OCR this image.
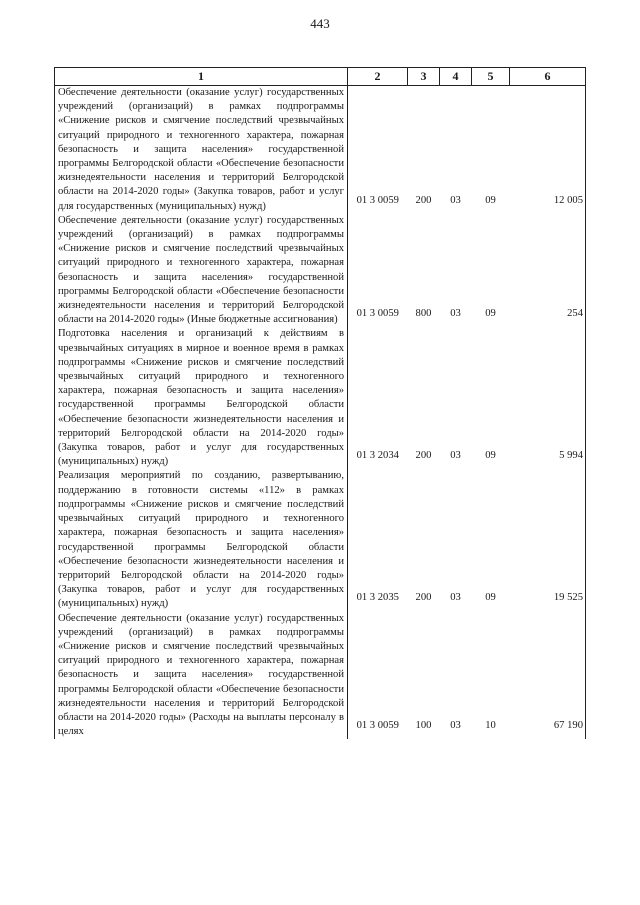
443
1	2	3	4	5	6

Обеспечение деятельности (оказание услуг) государственных учреждений (организаций) в рамках подпрограммы «Снижение рисков и смягчение последствий чрезвычайных ситуаций природного и техногенного характера, пожарная безопасность и защита населения» государственной программы Белгородской области «Обеспечение безопасности жизнедеятельности населения и территорий Белгородской области на 2014-2020 годы» (Закупка товаров, работ и услуг для государственных (муниципальных) нужд)	01 3 0059	200	03	09	12 005

Обеспечение деятельности (оказание услуг) государственных учреждений (организаций) в рамках подпрограммы «Снижение рисков и смягчение последствий чрезвычайных ситуаций природного и техногенного характера, пожарная безопасность и защита населения» государственной программы Белгородской области «Обеспечение безопасности жизнедеятельности населения и территорий Белгородской области на 2014-2020 годы» (Иные бюджетные ассигнования)	01 3 0059	800	03	09	254

Подготовка населения и организаций к действиям в чрезвычайных ситуациях в мирное и военное время в рамках подпрограммы «Снижение рисков и смягчение последствий чрезвычайных ситуаций природного и техногенного характера, пожарная безопасность и защита населения» государственной программы Белгородской области «Обеспечение безопасности жизнедеятельности населения и территорий Белгородской области на 2014-2020 годы» (Закупка товаров, работ и услуг для государственных (муниципальных) нужд)	01 3 2034	200	03	09	5 994

Реализация мероприятий по созданию, развертыванию, поддержанию в готовности системы «112» в рамках подпрограммы «Снижение рисков и смягчение последствий чрезвычайных ситуаций природного и техногенного характера, пожарная безопасность и защита населения» государственной программы Белгородской области «Обеспечение безопасности жизнедеятельности населения и территорий Белгородской области на 2014-2020 годы» (Закупка товаров, работ и услуг для государственных (муниципальных) нужд)	01 3 2035	200	03	09	19 525

Обеспечение деятельности (оказание услуг) государственных учреждений (организаций) в рамках подпрограммы «Снижение рисков и смягчение последствий чрезвычайных ситуаций природного и техногенного характера, пожарная безопасность и защита населения» государственной программы Белгородской области «Обеспечение безопасности жизнедеятельности населения и территорий Белгородской области на 2014-2020 годы» (Расходы на выплаты персоналу в целях	01 3 0059	100	03	10	67 190
